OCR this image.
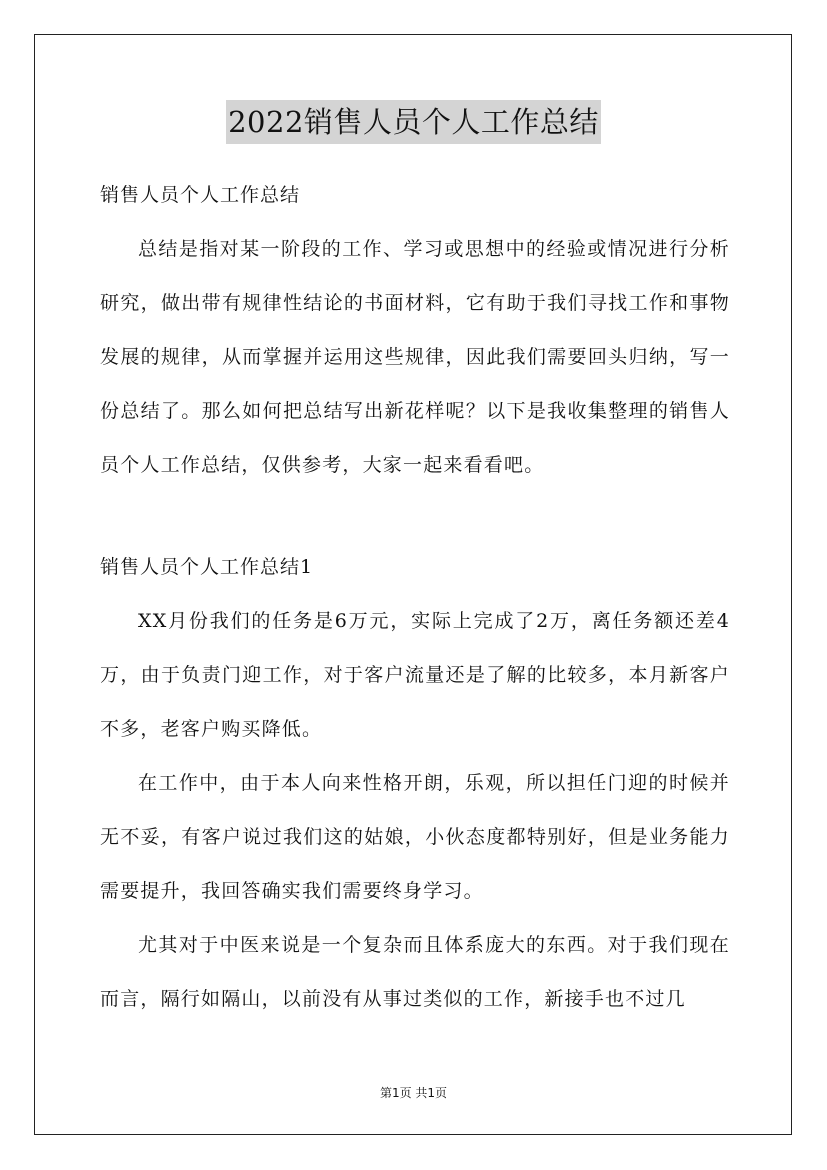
2022销售人员个人工作总结

销售人员个人工作总结

总结是指对某一阶段的工作、学习或思想中的经验或情况进行分析研究，做出带有规律性结论的书面材料，它有助于我们寻找工作和事物发展的规律，从而掌握并运用这些规律，因此我们需要回头归纳，写一份总结了。那么如何把总结写出新花样呢？以下是我收集整理的销售人员个人工作总结，仅供参考，大家一起来看看吧。

销售人员个人工作总结1

XX月份我们的任务是6万元，实际上完成了2万，离任务额还差4万，由于负责门迎工作，对于客户流量还是了解的比较多，本月新客户不多，老客户购买降低。

在工作中，由于本人向来性格开朗，乐观，所以担任门迎的时候并无不妥，有客户说过我们这的姑娘，小伙态度都特别好，但是业务能力需要提升，我回答确实我们需要终身学习。

尤其对于中医来说是一个复杂而且体系庞大的东西。对于我们现在而言，隔行如隔山，以前没有从事过类似的工作，新接手也不过几

第1页 共1页
